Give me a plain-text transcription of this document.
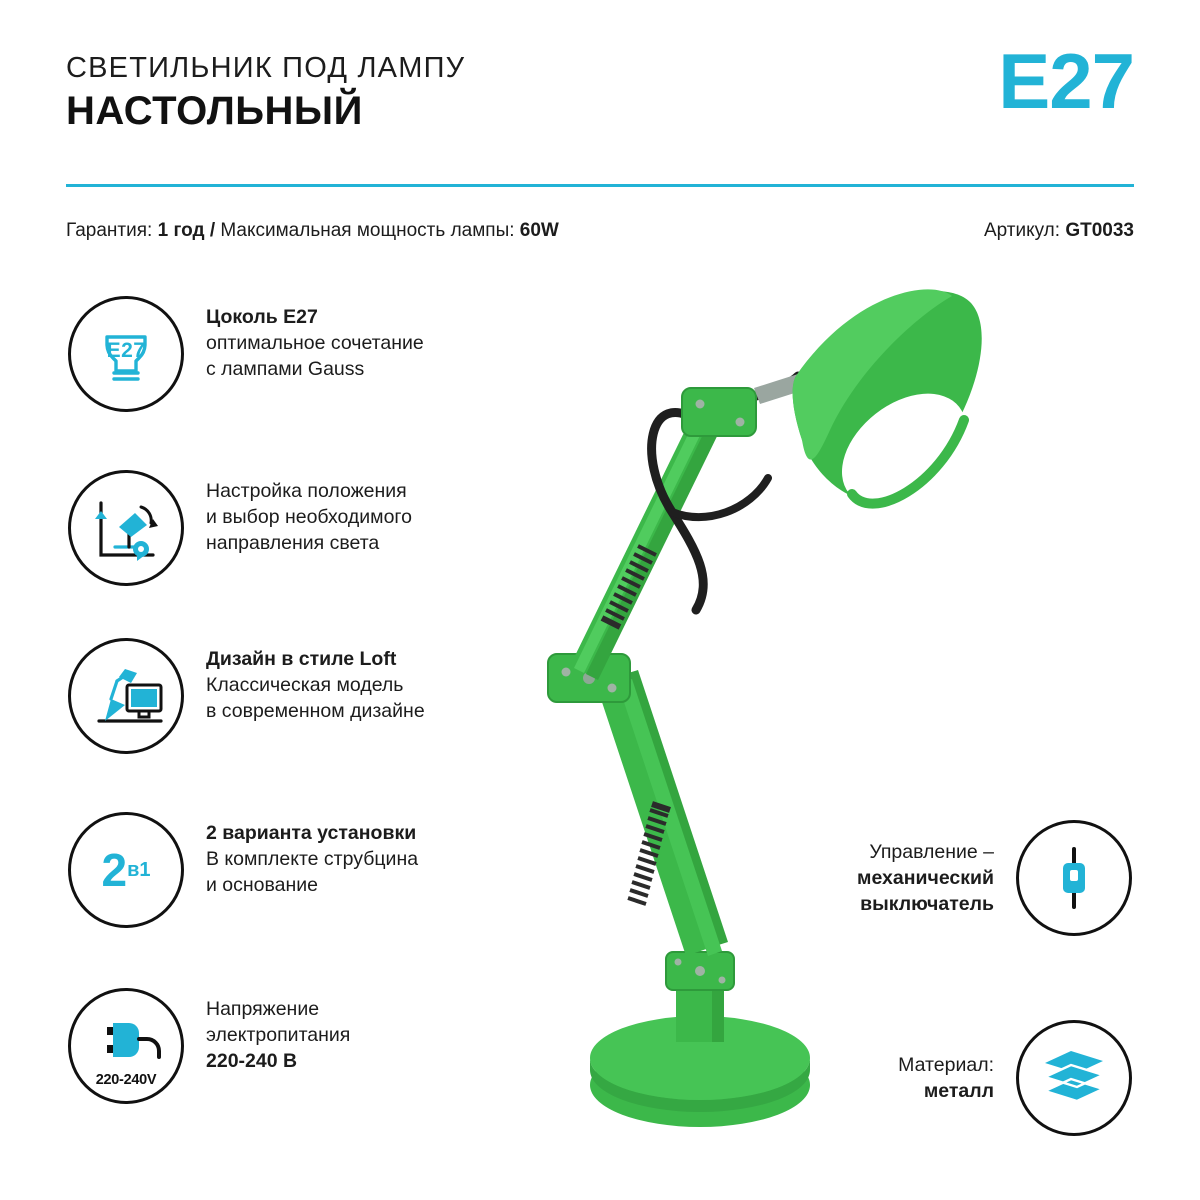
СВЕТИЛЬНИК ПОД ЛАМПУ
НАСТОЛЬНЫЙ	E27
Гарантия: 1 год / Максимальная мощность лампы: 60W	Артикул: GT0033
E27
Цоколь E27
оптимальное сочетание
с лампами Gauss
Настройка положения
и выбор необходимого
направления света
Дизайн в стиле Loft
Классическая модель
в современном дизайне
2в1
2 варианта установки
В комплекте струбцина
и основание
220-240V
Напряжение
электропитания
220-240 В
Управление –
механический
выключатель
Материал:
металл
